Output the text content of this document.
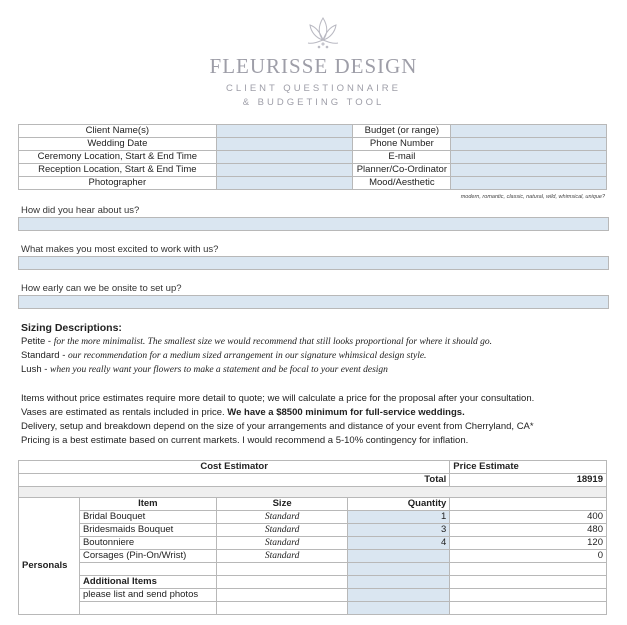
FLEURISSE DESIGN
CLIENT QUESTIONNAIRE
& BUDGETING TOOL
Client Name(s)		Budget (or range)	
Wedding Date		Phone Number	
Ceremony Location, Start & End Time		E-mail	
Reception Location, Start & End Time		Planner/Co-Ordinator	
Photographer		Mood/Aesthetic	
modern, romantic, classic, natural, wild, whimsical, unique?
How did you hear about us?
What makes you most excited to work with us?
How early can we be onsite to set up?
Sizing Descriptions:
Petite - for the more minimalist. The smallest size we would recommend that still looks proportional for where it should go.
Standard - our recommendation for a medium sized arrangement in our signature whimsical design style.
Lush - when you really want your flowers to make a statement and be focal to your event design
Items without price estimates require more detail to quote; we will calculate a price for the proposal after your consultation.
Vases are estimated as rentals included in price. We have a $8500 minimum for full-service weddings.
Delivery, setup and breakdown depend on the size of your arrangements and distance of your event from Cherryland, CA*
Pricing is a best estimate based on current markets. I would recommend a 5-10% contingency for inflation.
Cost Estimator				Price Estimate
Total				18919

Personals	Item	Size	Quantity	
	Bridal Bouquet	Standard	1	400
	Bridesmaids Bouquet	Standard	3	480
	Boutonniere	Standard	4	120
	Corsages (Pin-On/Wrist)	Standard		0

	Additional Items			
	please list and send photos			
